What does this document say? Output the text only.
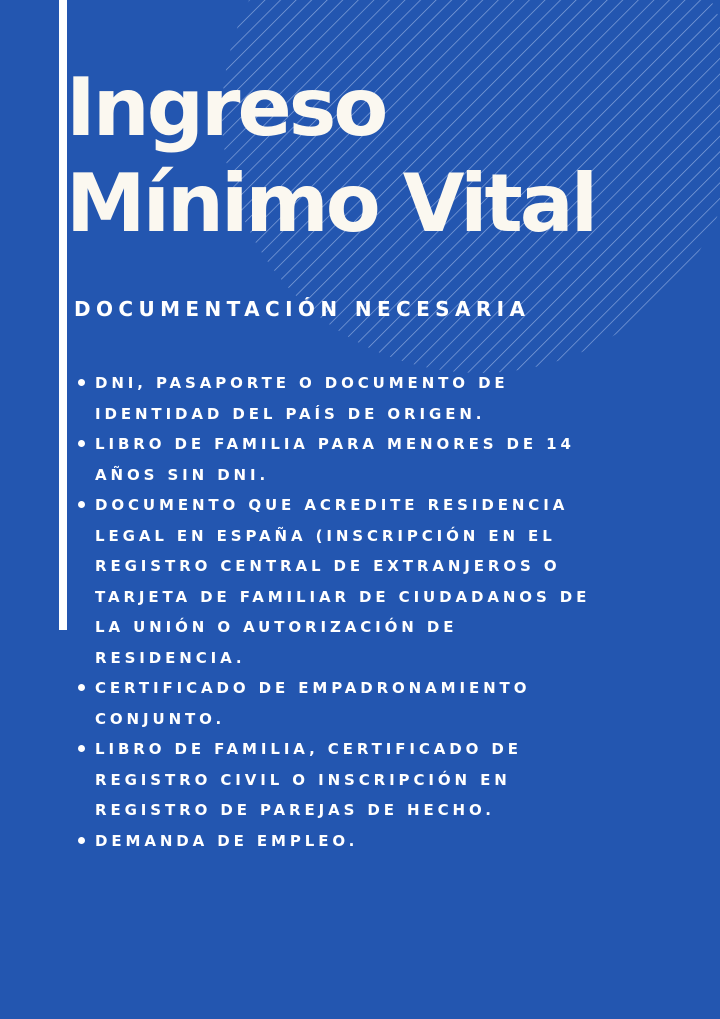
Ingreso
Mínimo Vital
DOCUMENTACIÓN NECESARIA
DNI, PASAPORTE O DOCUMENTO DE
IDENTIDAD DEL PAÍS DE ORIGEN.
LIBRO DE FAMILIA PARA MENORES DE 14
AÑOS SIN DNI.
DOCUMENTO QUE ACREDITE RESIDENCIA
LEGAL EN ESPAÑA (INSCRIPCIÓN EN EL
REGISTRO CENTRAL DE EXTRANJEROS O
TARJETA DE FAMILIAR DE CIUDADANOS DE
LA UNIÓN O AUTORIZACIÓN DE
RESIDENCIA.
CERTIFICADO DE EMPADRONAMIENTO
CONJUNTO.
LIBRO DE FAMILIA, CERTIFICADO DE
REGISTRO CIVIL O INSCRIPCIÓN EN
REGISTRO DE PAREJAS DE HECHO.
DEMANDA DE EMPLEO.
